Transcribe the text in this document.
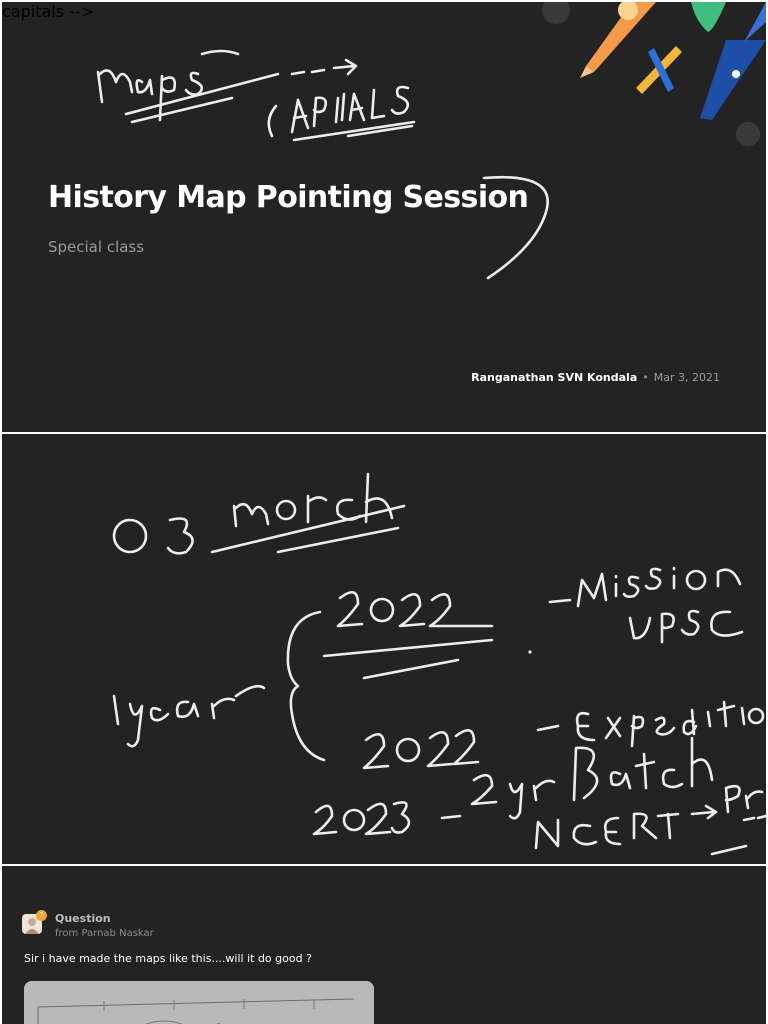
capitals -->
History Map Pointing Session
Special class
Ranganathan SVN Kondala • Mar 3, 2021
?	Question
from Parnab Naskar
Sir i have made the maps like this....will it do good ?
